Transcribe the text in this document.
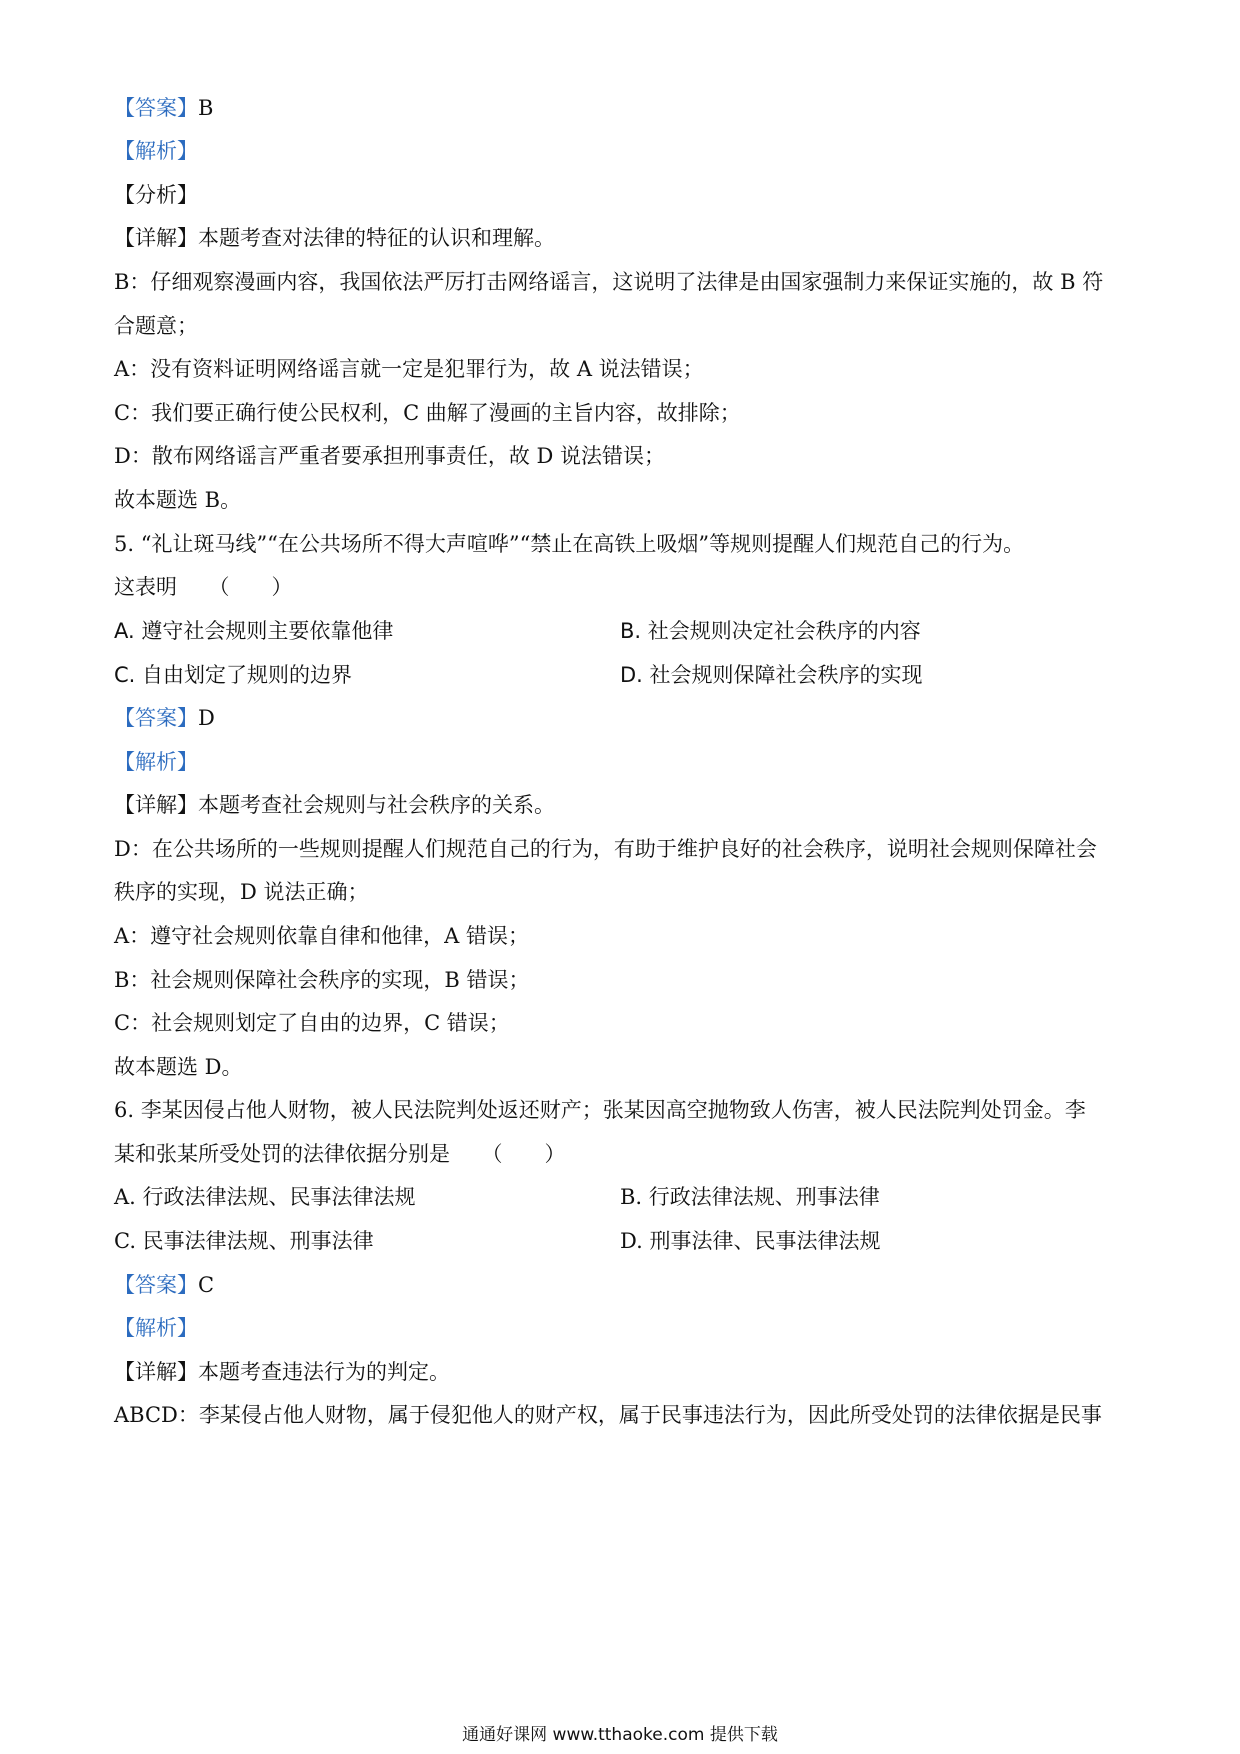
【答案】B
【解析】
【分析】
【详解】本题考查对法律的特征的认识和理解。
B：仔细观察漫画内容，我国依法严厉打击网络谣言，这说明了法律是由国家强制力来保证实施的，故 B 符
合题意；
A：没有资料证明网络谣言就一定是犯罪行为，故 A 说法错误；
C：我们要正确行使公民权利，C 曲解了漫画的主旨内容，故排除；
D：散布网络谣言严重者要承担刑事责任，故 D 说法错误；
故本题选 B。
5. “礼让斑马线”“在公共场所不得大声喧哗”“禁止在高铁上吸烟”等规则提醒人们规范自己的行为。
这表明　　（　　）
A. 遵守社会规则主要依靠他律	B. 社会规则决定社会秩序的内容
C. 自由划定了规则的边界	D. 社会规则保障社会秩序的实现
【答案】D
【解析】
【详解】本题考查社会规则与社会秩序的关系。
D：在公共场所的一些规则提醒人们规范自己的行为，有助于维护良好的社会秩序，说明社会规则保障社会
秩序的实现，D 说法正确；
A：遵守社会规则依靠自律和他律，A 错误；
B：社会规则保障社会秩序的实现，B 错误；
C：社会规则划定了自由的边界，C 错误；
故本题选 D。
6. 李某因侵占他人财物，被人民法院判处返还财产；张某因高空抛物致人伤害，被人民法院判处罚金。李
某和张某所受处罚的法律依据分别是　　（　　）
A. 行政法律法规、民事法律法规	B. 行政法律法规、刑事法律
C. 民事法律法规、刑事法律	D. 刑事法律、民事法律法规
【答案】C
【解析】
【详解】本题考查违法行为的判定。
ABCD：李某侵占他人财物，属于侵犯他人的财产权，属于民事违法行为，因此所受处罚的法律依据是民事
通通好课网 www.tthaoke.com 提供下载
